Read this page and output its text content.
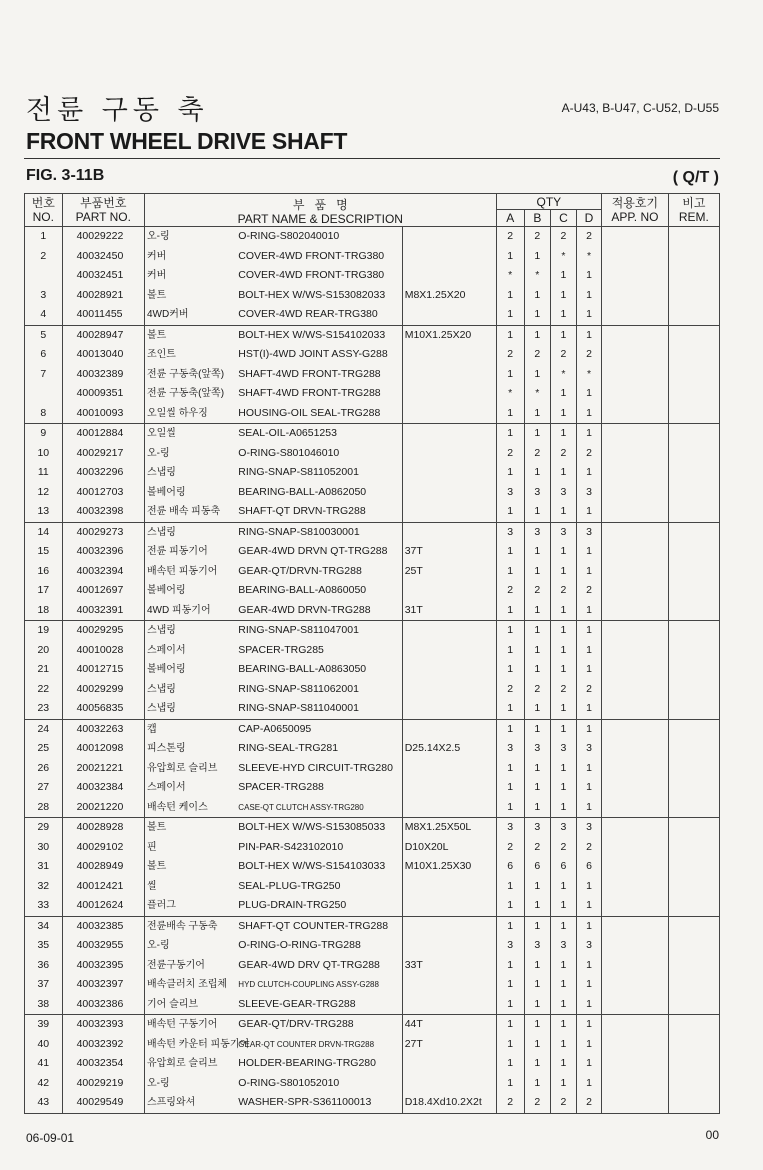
전륜 구동 축	A-U43, B-U47, C-U52, D-U55
FRONT WHEEL DRIVE SHAFT
FIG. 3-11B	( Q/T )
번호
NO.	부품번호
PART NO.	부   품   명
PART NAME & DESCRIPTION			QTY				적용호기
APP. NO	비고
REM.
					A	B	C	D		
1	40029222	오-링	O-RING-S802040010		2	2	2	2		
2	40032450	커버	COVER-4WD FRONT-TRG380		1	1	*	*		
	40032451	커버	COVER-4WD FRONT-TRG380		*	*	1	1		
3	40028921	볼트	BOLT-HEX W/WS-S153082033	M8X1.25X20	1	1	1	1		
4	40011455	4WD커버	COVER-4WD REAR-TRG380		1	1	1	1		
5	40028947	볼트	BOLT-HEX W/WS-S154102033	M10X1.25X20	1	1	1	1		
6	40013040	조인트	HST(I)-4WD JOINT ASSY-G288		2	2	2	2		
7	40032389	전륜 구동축(앞쪽)	SHAFT-4WD FRONT-TRG288		1	1	*	*		
	40009351	전륜 구동축(앞쪽)	SHAFT-4WD FRONT-TRG288		*	*	1	1		
8	40010093	오일씰 하우징	HOUSING-OIL SEAL-TRG288		1	1	1	1		
9	40012884	오일씰	SEAL-OIL-A0651253		1	1	1	1		
10	40029217	오-링	O-RING-S801046010		2	2	2	2		
11	40032296	스냅링	RING-SNAP-S811052001		1	1	1	1		
12	40012703	볼베어링	BEARING-BALL-A0862050		3	3	3	3		
13	40032398	전륜 배속 피동축	SHAFT-QT DRVN-TRG288		1	1	1	1		
14	40029273	스냅링	RING-SNAP-S810030001		3	3	3	3		
15	40032396	전륜 피동기어	GEAR-4WD DRVN QT-TRG288	37T	1	1	1	1		
16	40032394	배속턴 피동기어	GEAR-QT/DRVN-TRG288	25T	1	1	1	1		
17	40012697	볼베어링	BEARING-BALL-A0860050		2	2	2	2		
18	40032391	4WD 피동기어	GEAR-4WD DRVN-TRG288	31T	1	1	1	1		
19	40029295	스냅링	RING-SNAP-S811047001		1	1	1	1		
20	40010028	스페이서	SPACER-TRG285		1	1	1	1		
21	40012715	볼베어링	BEARING-BALL-A0863050		1	1	1	1		
22	40029299	스냅링	RING-SNAP-S811062001		2	2	2	2		
23	40056835	스냅링	RING-SNAP-S811040001		1	1	1	1		
24	40032263	캡	CAP-A0650095		1	1	1	1		
25	40012098	피스톤링	RING-SEAL-TRG281	D25.14X2.5	3	3	3	3		
26	20021221	유압회로 슬리브	SLEEVE-HYD CIRCUIT-TRG280		1	1	1	1		
27	40032384	스페이서	SPACER-TRG288		1	1	1	1		
28	20021220	배속턴 케이스	CASE-QT CLUTCH ASSY-TRG280		1	1	1	1		
29	40028928	볼트	BOLT-HEX W/WS-S153085033	M8X1.25X50L	3	3	3	3		
30	40029102	핀	PIN-PAR-S423102010	D10X20L	2	2	2	2		
31	40028949	볼트	BOLT-HEX W/WS-S154103033	M10X1.25X30	6	6	6	6		
32	40012421	씰	SEAL-PLUG-TRG250		1	1	1	1		
33	40012624	플러그	PLUG-DRAIN-TRG250		1	1	1	1		
34	40032385	전륜배속 구동축	SHAFT-QT COUNTER-TRG288		1	1	1	1		
35	40032955	오-링	O-RING-O-RING-TRG288		3	3	3	3		
36	40032395	전륜구동기어	GEAR-4WD DRV QT-TRG288	33T	1	1	1	1		
37	40032397	배속클러치 조립체	HYD CLUTCH-COUPLING ASSY-G288		1	1	1	1		
38	40032386	기어 슬리브	SLEEVE-GEAR-TRG288		1	1	1	1		
39	40032393	배속턴 구동기어	GEAR-QT/DRV-TRG288	44T	1	1	1	1		
40	40032392	배속턴 카운터 피동기어	GEAR-QT COUNTER DRVN-TRG288	27T	1	1	1	1		
41	40032354	유압회로 슬리브	HOLDER-BEARING-TRG280		1	1	1	1		
42	40029219	오-링	O-RING-S801052010		1	1	1	1		
43	40029549	스프링와셔	WASHER-SPR-S361100013	D18.4Xd10.2X2t	2	2	2	2		
06-09-01	00
